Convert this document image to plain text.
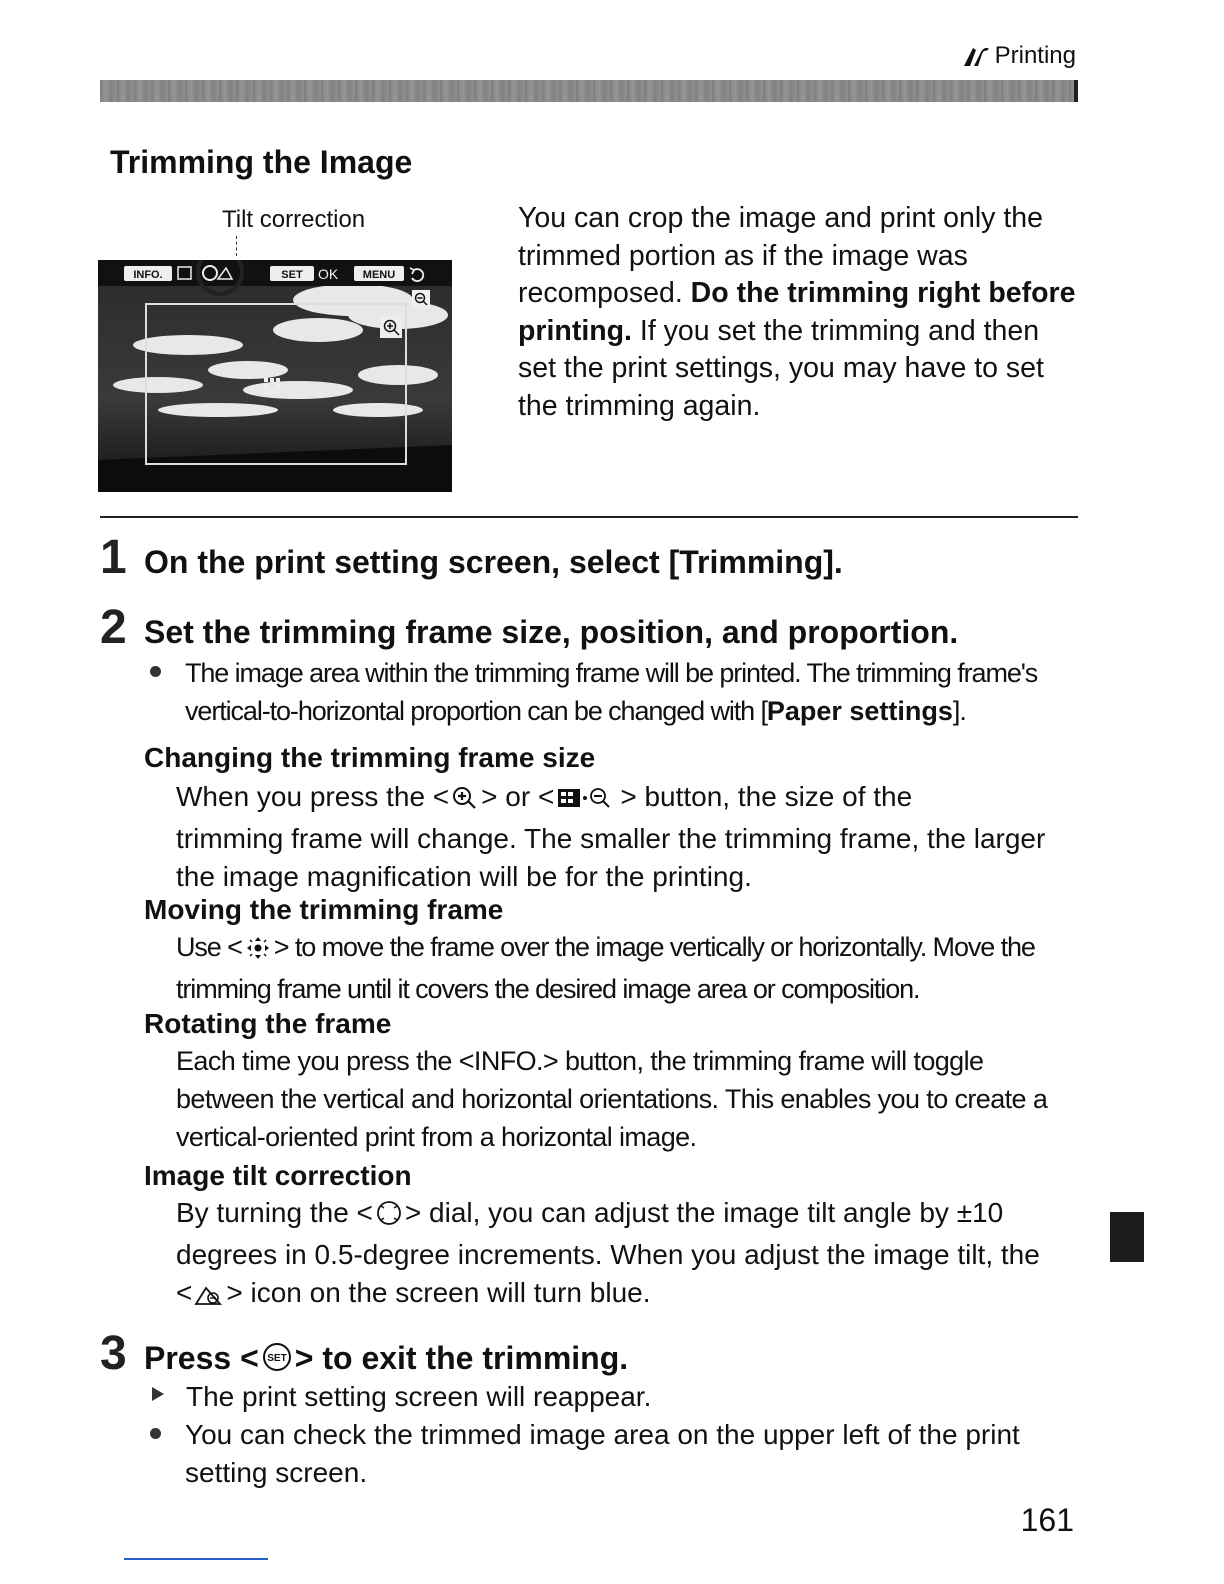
Printing
Trimming the Image
Tilt correction
INFO.	SET OK MENU
You can crop the image and print only the trimmed portion as if the image was recomposed. Do the trimming right before printing. If you set the trimming and then set the print settings, you may have to set the trimming again.
1 On the print setting screen, select [Trimming].
2 Set the trimming frame size, position, and proportion.
The image area within the trimming frame will be printed. The trimming frame's vertical-to-horizontal proportion can be changed with [Paper settings].
Changing the trimming frame size
When you press the < > or < > button, the size of the
trimming frame will change. The smaller the trimming frame, the larger the image magnification will be for the printing.
Moving the trimming frame
Use < > to move the frame over the image vertically or horizontally. Move the trimming frame until it covers the desired image area or composition.
Rotating the frame
Each time you press the <INFO.> button, the trimming frame will toggle between the vertical and horizontal orientations. This enables you to create a vertical-oriented print from a horizontal image.
Image tilt correction
By turning the < > dial, you can adjust the image tilt angle by ±10 degrees in 0.5-degree increments. When you adjust the image tilt, the < > icon on the screen will turn blue.
3 Press < SET > to exit the trimming.
The print setting screen will reappear.
You can check the trimmed image area on the upper left of the print setting screen.
161
